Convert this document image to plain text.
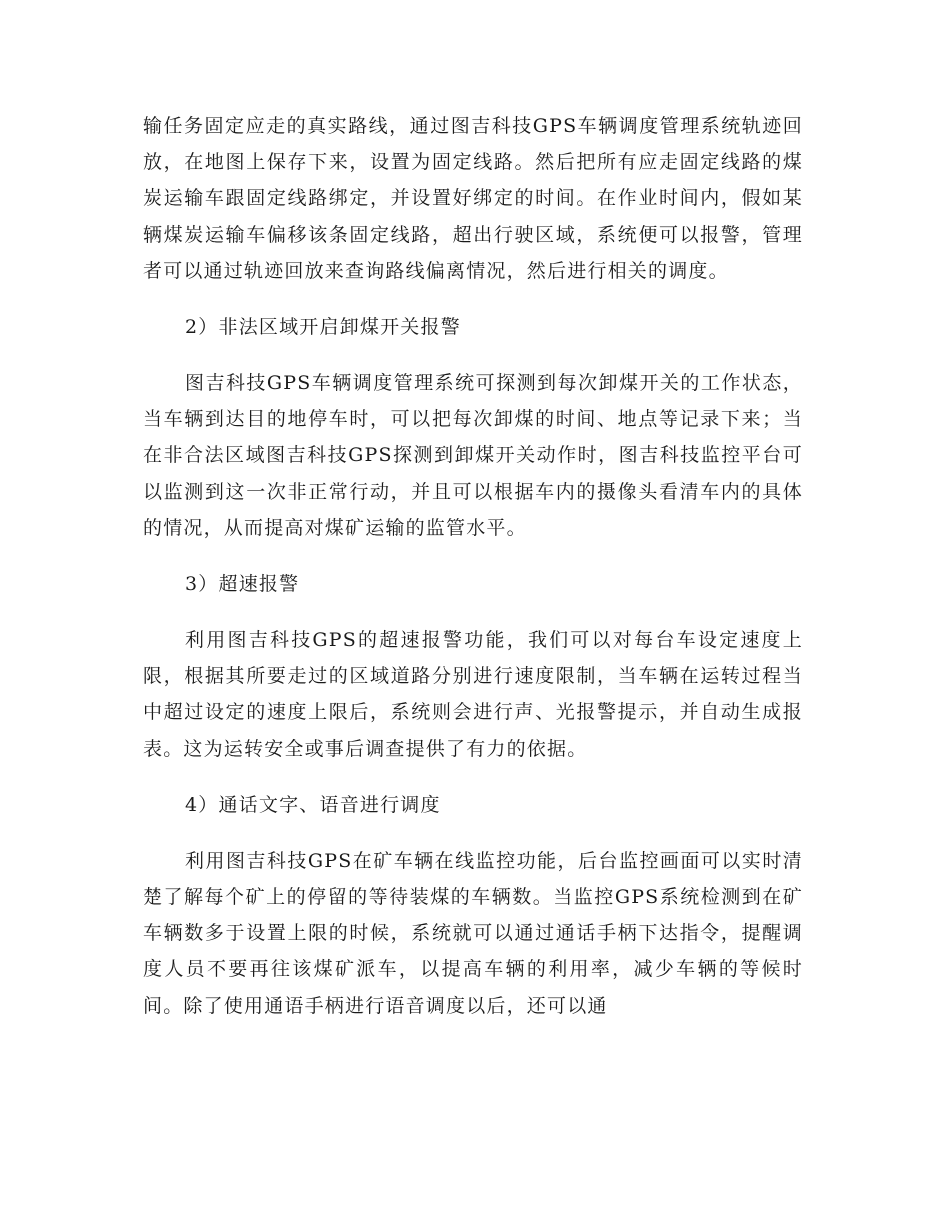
输任务固定应走的真实路线，通过图吉科技GPS车辆调度管理系统轨迹回放，在地图上保存下来，设置为固定线路。然后把所有应走固定线路的煤炭运输车跟固定线路绑定，并设置好绑定的时间。在作业时间内，假如某辆煤炭运输车偏移该条固定线路，超出行驶区域，系统便可以报警，管理者可以通过轨迹回放来查询路线偏离情况，然后进行相关的调度。

2）非法区域开启卸煤开关报警

图吉科技GPS车辆调度管理系统可探测到每次卸煤开关的工作状态，当车辆到达目的地停车时，可以把每次卸煤的时间、地点等记录下来；当在非合法区域图吉科技GPS探测到卸煤开关动作时，图吉科技监控平台可以监测到这一次非正常行动，并且可以根据车内的摄像头看清车内的具体的情况，从而提高对煤矿运输的监管水平。

3）超速报警

利用图吉科技GPS的超速报警功能，我们可以对每台车设定速度上限，根据其所要走过的区域道路分别进行速度限制，当车辆在运转过程当中超过设定的速度上限后，系统则会进行声、光报警提示，并自动生成报表。这为运转安全或事后调查提供了有力的依据。

4）通话文字、语音进行调度

利用图吉科技GPS在矿车辆在线监控功能，后台监控画面可以实时清楚了解每个矿上的停留的等待装煤的车辆数。当监控GPS系统检测到在矿车辆数多于设置上限的时候，系统就可以通过通话手柄下达指令，提醒调度人员不要再往该煤矿派车，以提高车辆的利用率，减少车辆的等候时间。除了使用通语手柄进行语音调度以后，还可以通
